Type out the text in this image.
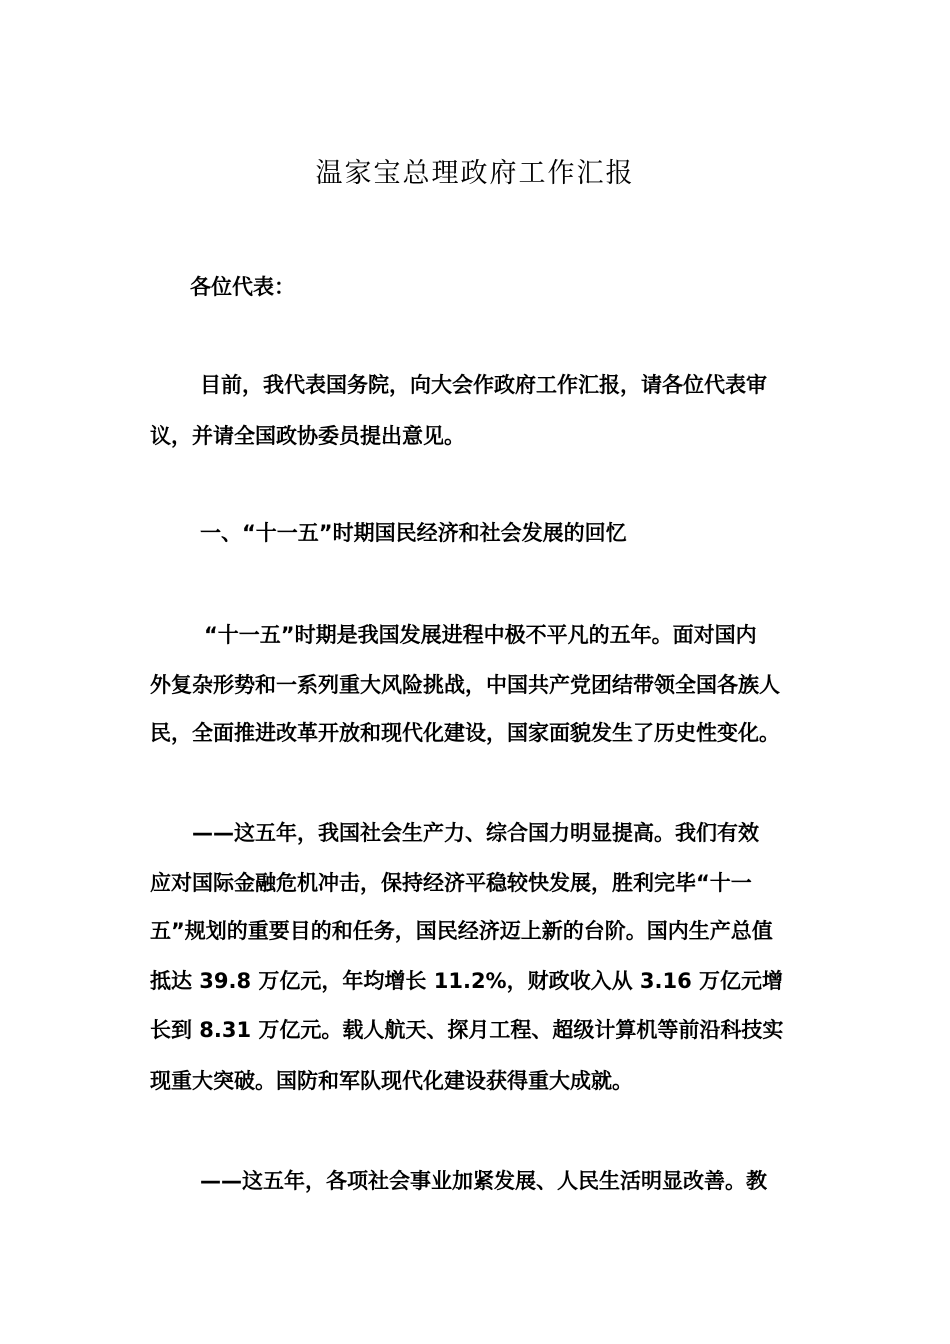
温家宝总理政府工作汇报
各位代表：
目前，我代表国务院，向大会作政府工作汇报，请各位代表审
议，并请全国政协委员提出意见。
一、“十一五”时期国民经济和社会发展的回忆
“十一五”时期是我国发展进程中极不平凡的五年。面对国内
外复杂形势和一系列重大风险挑战，中国共产党团结带领全国各族人
民，全面推进改革开放和现代化建设，国家面貌发生了历史性变化。
——这五年，我国社会生产力、综合国力明显提高。我们有效
应对国际金融危机冲击，保持经济平稳较快发展，胜利完毕“十一
五”规划的重要目的和任务，国民经济迈上新的台阶。国内生产总值
抵达 39.8 万亿元，年均增长 11.2%，财政收入从 3.16 万亿元增
长到 8.31 万亿元。载人航天、探月工程、超级计算机等前沿科技实
现重大突破。国防和军队现代化建设获得重大成就。
——这五年，各项社会事业加紧发展、人民生活明显改善。教
